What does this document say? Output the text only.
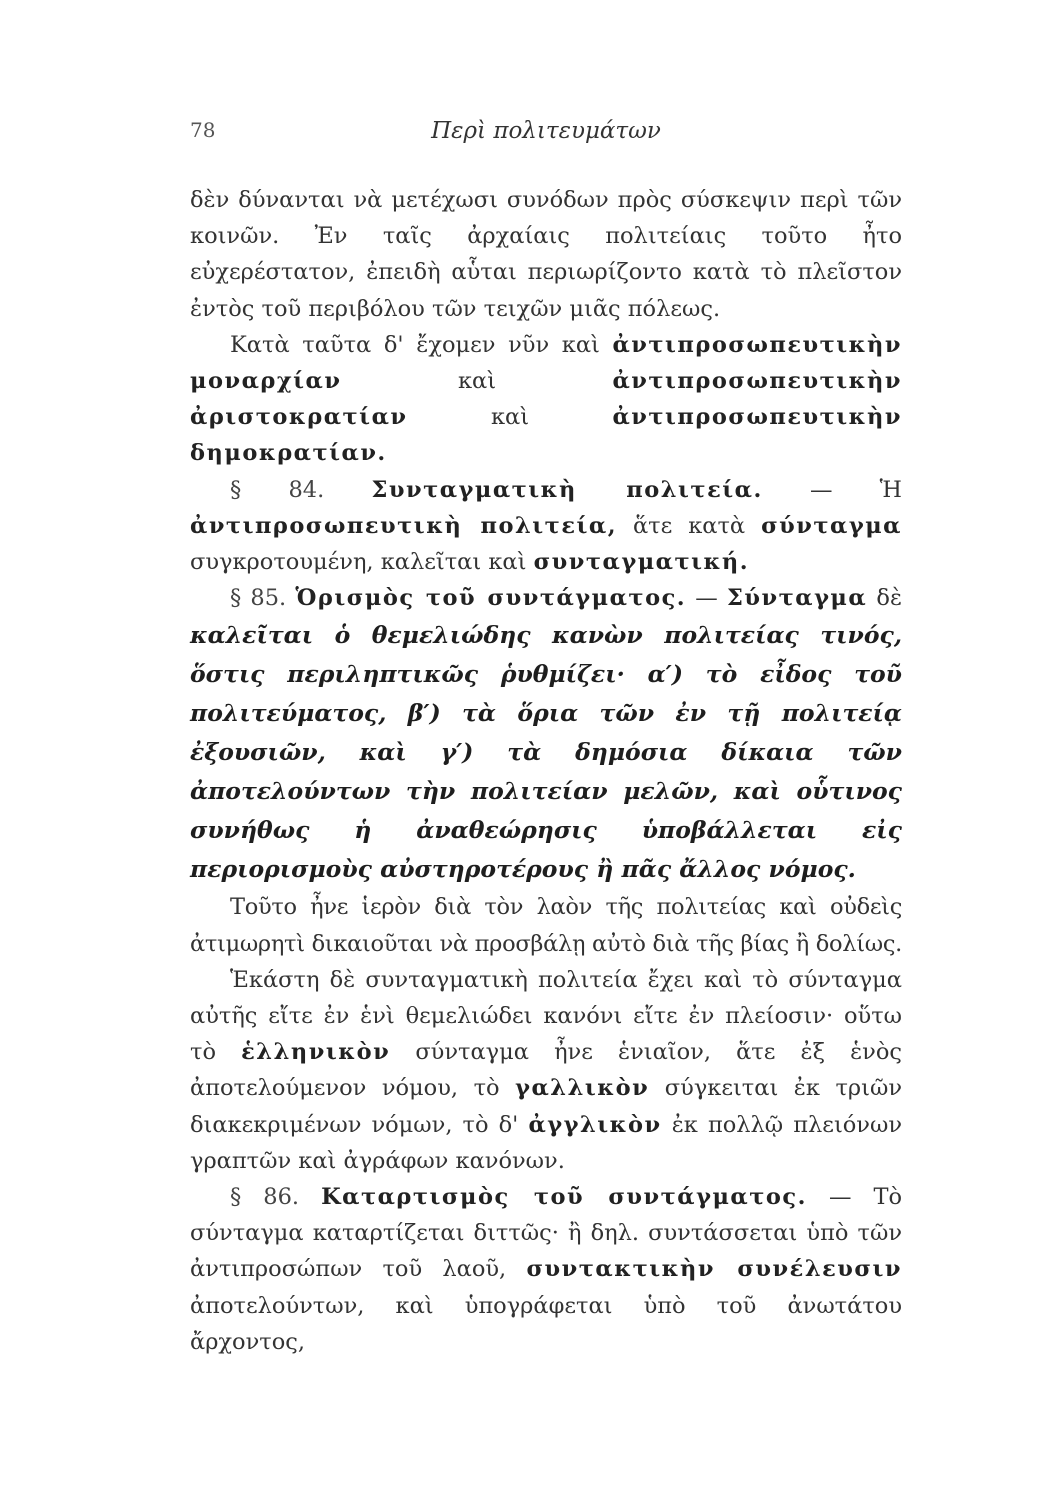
78	Περὶ πολιτευμάτων

δὲν δύνανται νὰ μετέχωσι συνόδων πρὸς σύσκεψιν περὶ τῶν κοινῶν. Ἐν ταῖς ἀρχαίαις πολιτείαις τοῦτο ἦτο εὐχερέστατον, ἐπειδὴ αὗται περιωρίζοντο κατὰ τὸ πλεῖστον ἐντὸς τοῦ περιβόλου τῶν τειχῶν μιᾶς πόλεως.

Κατὰ ταῦτα δ' ἔχομεν νῦν καὶ ἀντιπροσωπευτικὴν μοναρχίαν	καὶ	ἀντιπροσωπευτικὴν ἀριστοκρατίαν	καὶ	ἀντιπροσωπευτικὴν δημοκρατίαν.

§ 84. Συνταγματικὴ πολιτεία. — Ἡ ἀντιπροσωπευτικὴ πολιτεία, ἅτε κατὰ σύνταγμα συγκροτουμένη, καλεῖται καὶ συνταγματική.

§ 85. Ὁρισμὸς τοῦ συντάγματος. — Σύνταγμα δὲ καλεῖται ὁ θεμελιώδης κανὼν πολιτείας τινός, ὅστις περιληπτικῶς ῥυθμίζει· α′) τὸ εἶδος τοῦ πολιτεύματος, β′) τὰ ὅρια τῶν ἐν τῇ πολιτείᾳ ἐξουσιῶν, καὶ γ′) τὰ δημόσια δίκαια τῶν ἀποτελούντων τὴν πολιτείαν μελῶν, καὶ οὗτινος συνήθως ἡ ἀναθεώρησις ὑποβάλλεται εἰς περιορισμοὺς αὐστηροτέρους ἢ πᾶς ἄλλος νόμος.

Τοῦτο ἦνε ἱερὸν διὰ τὸν λαὸν τῆς πολιτείας καὶ οὐδεὶς ἀτιμωρητὶ δικαιοῦται νὰ προσβάλῃ αὐτὸ διὰ τῆς βίας ἢ δολίως.

Ἑκάστη δὲ συνταγματικὴ πολιτεία ἔχει καὶ τὸ σύνταγμα αὐτῆς εἴτε ἐν ἑνὶ θεμελιώδει κανόνι εἴτε ἐν πλείοσιν· οὕτω τὸ ἑλληνικὸν σύνταγμα ἦνε ἑνιαῖον, ἅτε ἐξ ἑνὸς ἀποτελούμενον νόμου, τὸ γαλλικὸν σύγκειται ἐκ τριῶν διακεκριμένων νόμων, τὸ δ' ἀγγλικὸν ἐκ πολλῷ πλειόνων γραπτῶν καὶ ἀγράφων κανόνων.

§ 86. Καταρτισμὸς τοῦ συντάγματος. — Τὸ σύνταγμα καταρτίζεται διττῶς· ἢ δηλ. συντάσσεται ὑπὸ τῶν ἀντιπροσώπων τοῦ λαοῦ, συντακτικὴν συνέλευσιν ἀποτελούντων, καὶ ὑπογράφεται ὑπὸ τοῦ ἀνωτάτου ἄρχοντος,
